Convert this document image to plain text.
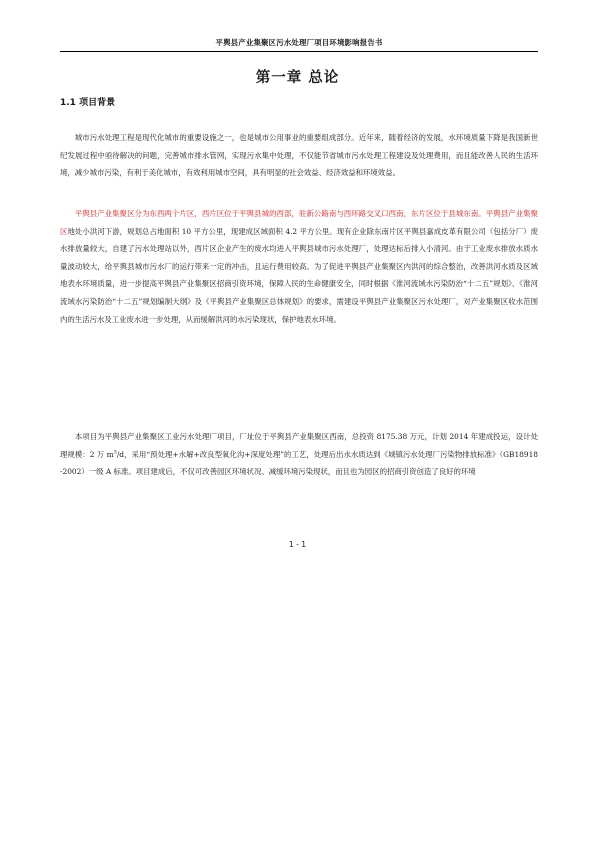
平舆县产业集聚区污水处理厂项目环境影响报告书
第一章 总论
1.1 项目背景

城市污水处理工程是现代化城市的重要设施之一，也是城市公用事业的重要组成部分。近年来，随着经济的发展，水环境质量下降是我国新世纪发展过程中亟待解决的问题，完善城市排水管网，实现污水集中处理，不仅能节省城市污水处理工程建设及处理费用，而且能改善人民的生活环境，减少城市污染，有利于美化城市，有效利用城市空间，具有明显的社会效益、经济效益和环境效益。

平舆县产业集聚区分为东西两个片区，西片区位于平舆县城的西部，驻新公路南与西环路交叉口西南，东片区位于县城东南。平舆县产业集聚区地处小洪河下游，规划总占地面积 10 平方公里，现建成区域面积 4.2 平方公里。现有企业除东南片区平舆县嘉成皮革有限公司（包括分厂）废水排放量较大，自建了污水处理站以外，西片区企业产生的废水均进入平舆县城市污水处理厂，处理达标后排入小清河。由于工业废水排放水质水量波动较大，给平舆县城市污水厂的运行带来一定的冲击，且运行费用较高。为了促进平舆县产业集聚区内洪河的综合整治，改善洪河水质及区域地表水环境质量，进一步提高平舆县产业集聚区招商引资环境，保障人民的生命健康安全，同时根据《淮河流域水污染防治“十二五”规划》、《淮河流域水污染防治“十二五”规划编制大纲》及《平舆县产业集聚区总体规划》的要求，需建设平舆县产业集聚区污水处理厂，对产业集聚区收水范围内的生活污水及工业废水进一步处理，从而缓解洪河的水污染现状，保护地表水环境。

本项目为平舆县产业集聚区工业污水处理厂项目，厂址位于平舆县产业集聚区西南，总投资 8175.38 万元，计划 2014 年建成投运，设计处理规模：2 万 $m^3/d$，采用“预处理+水解+改良型氧化沟+深度处理”的工艺，处理后出水水质达到《城镇污水处理厂污染物排放标准》（GB18918-2002）一级 A 标准。项目建成后，不仅可改善园区环境状况、减缓环境污染现状，而且也为园区的招商引资创造了良好的环境

1 - 1
